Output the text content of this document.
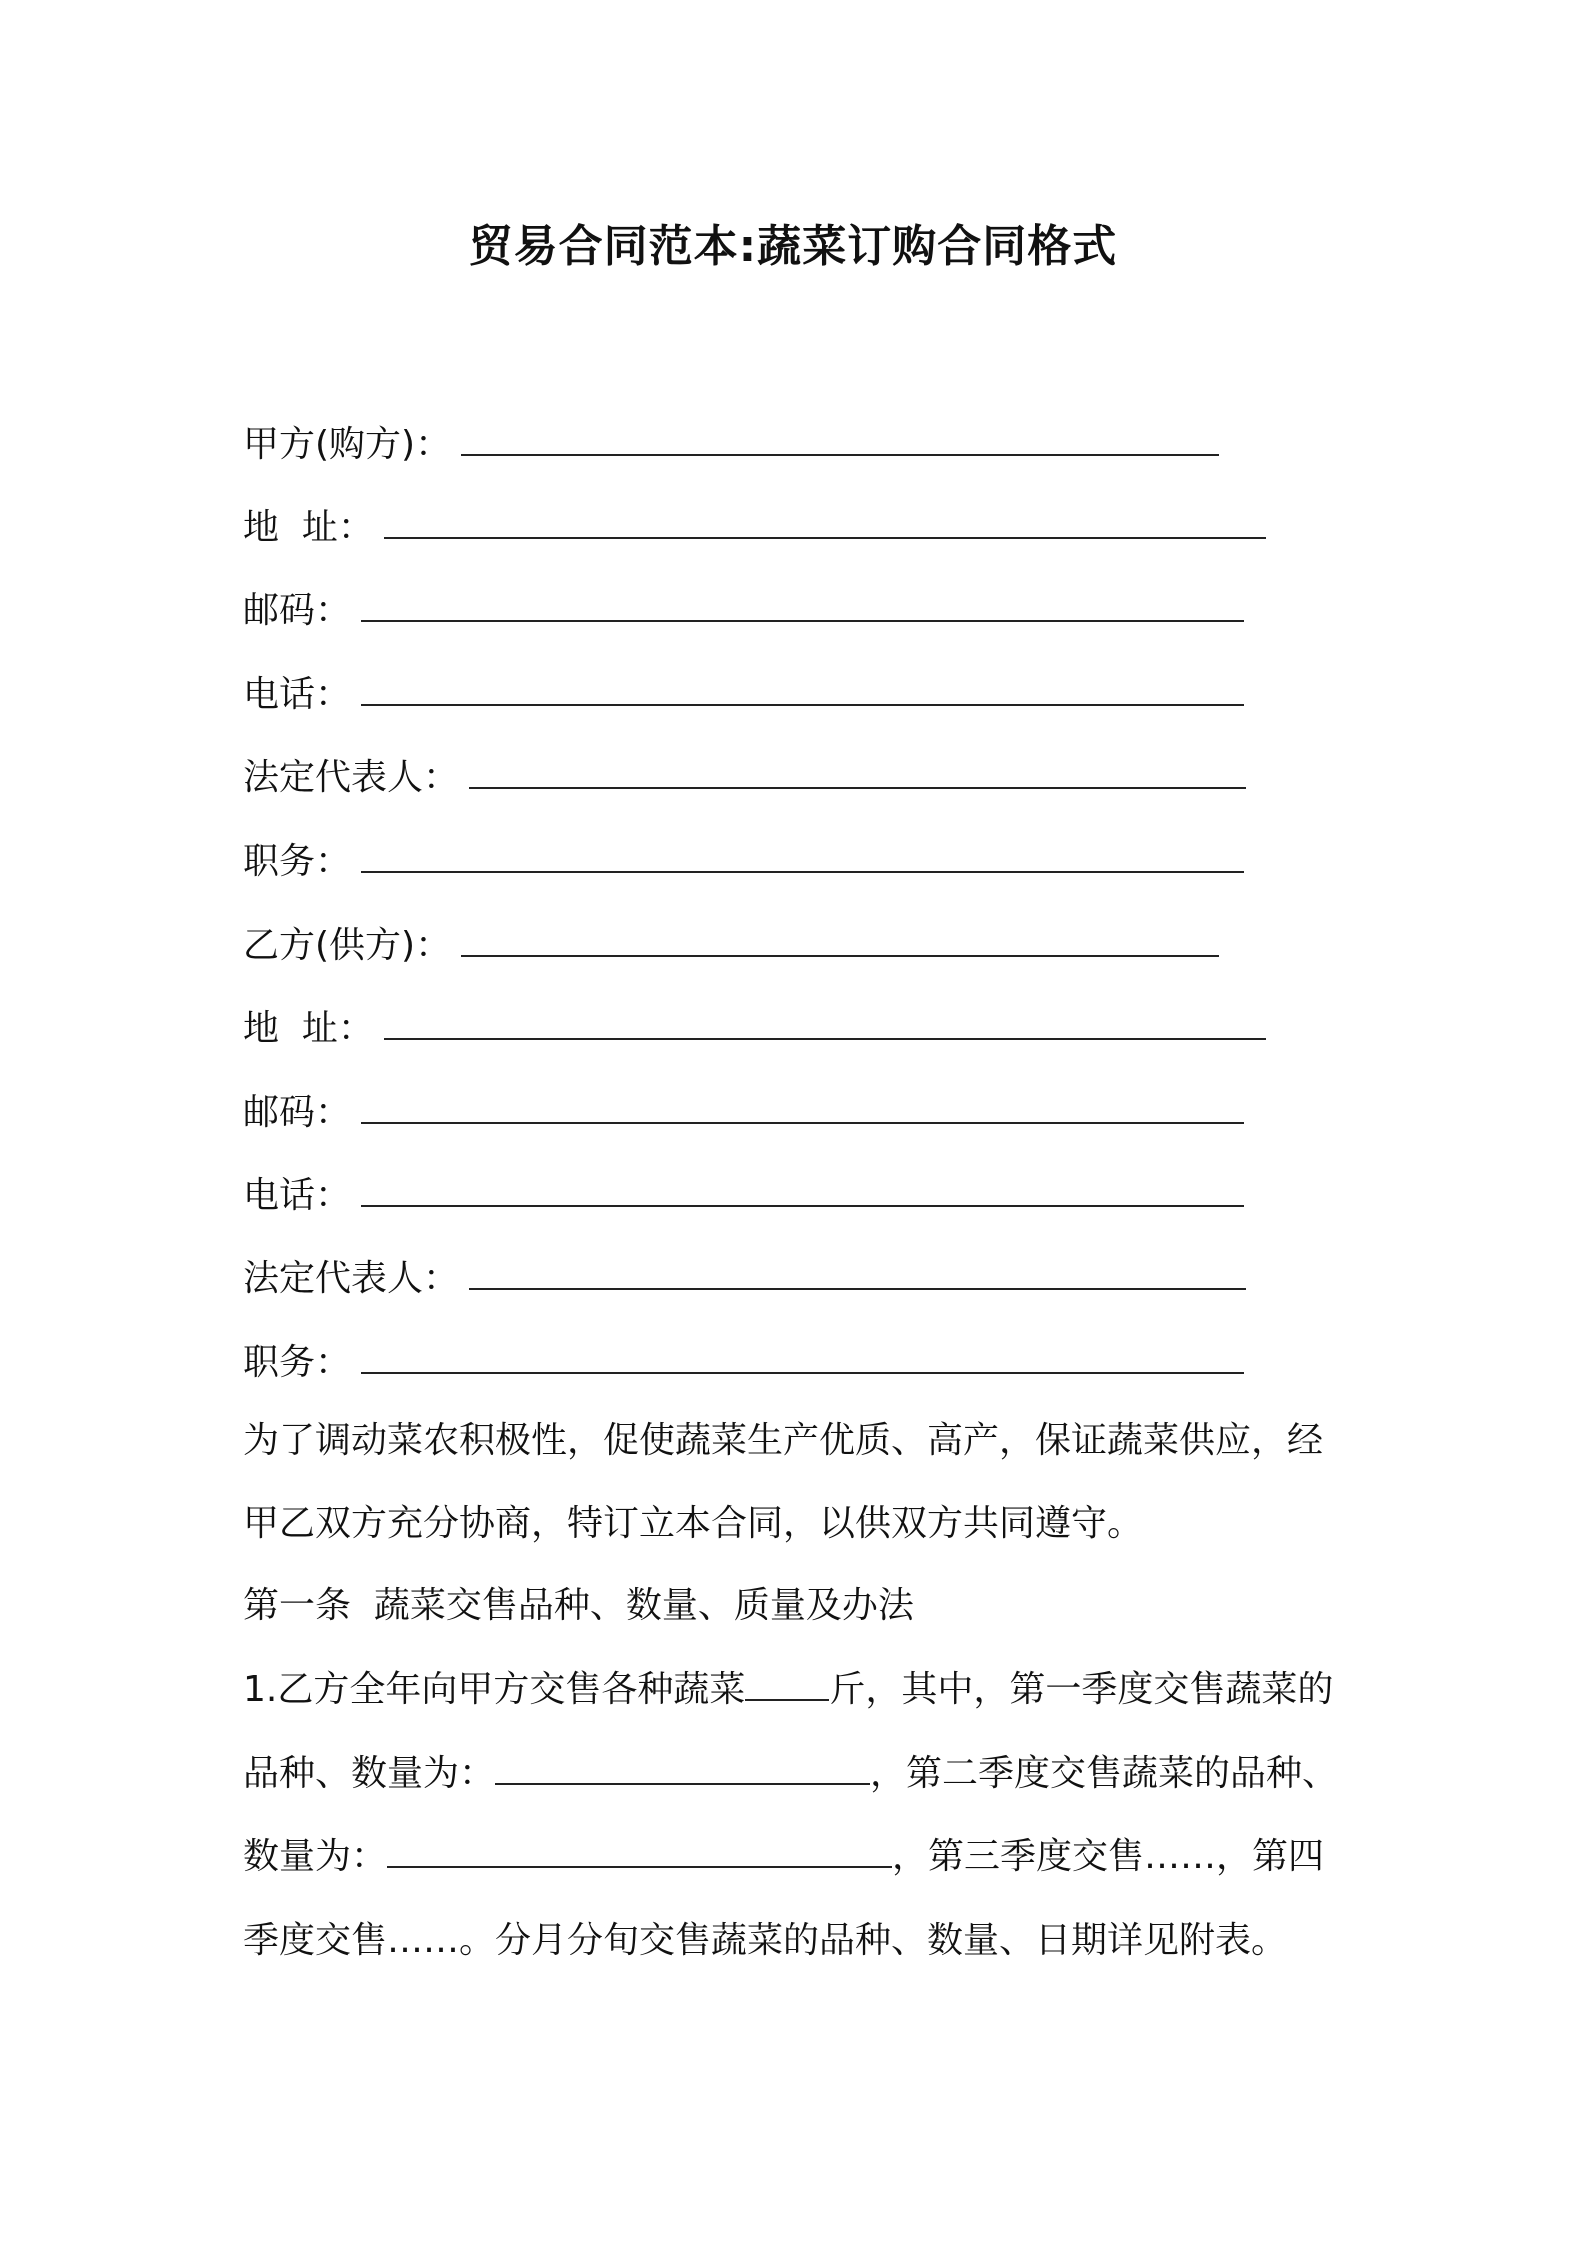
贸易合同范本:蔬菜订购合同格式
甲方(购方)：
地  址：
邮码：
电话：
法定代表人：
职务：
乙方(供方)：
地  址：
邮码：
电话：
法定代表人：
职务：
为了调动菜农积极性，促使蔬菜生产优质、高产，保证蔬菜供应，经
甲乙双方充分协商，特订立本合同，以供双方共同遵守。
第一条  蔬菜交售品种、数量、质量及办法
1.乙方全年向甲方交售各种蔬菜 斤，其中，第一季度交售蔬菜的
品种、数量为：	，第二季度交售蔬菜的品种、
数量为：	，第三季度交售……，第四
季度交售……。分月分旬交售蔬菜的品种、数量、日期详见附表。
